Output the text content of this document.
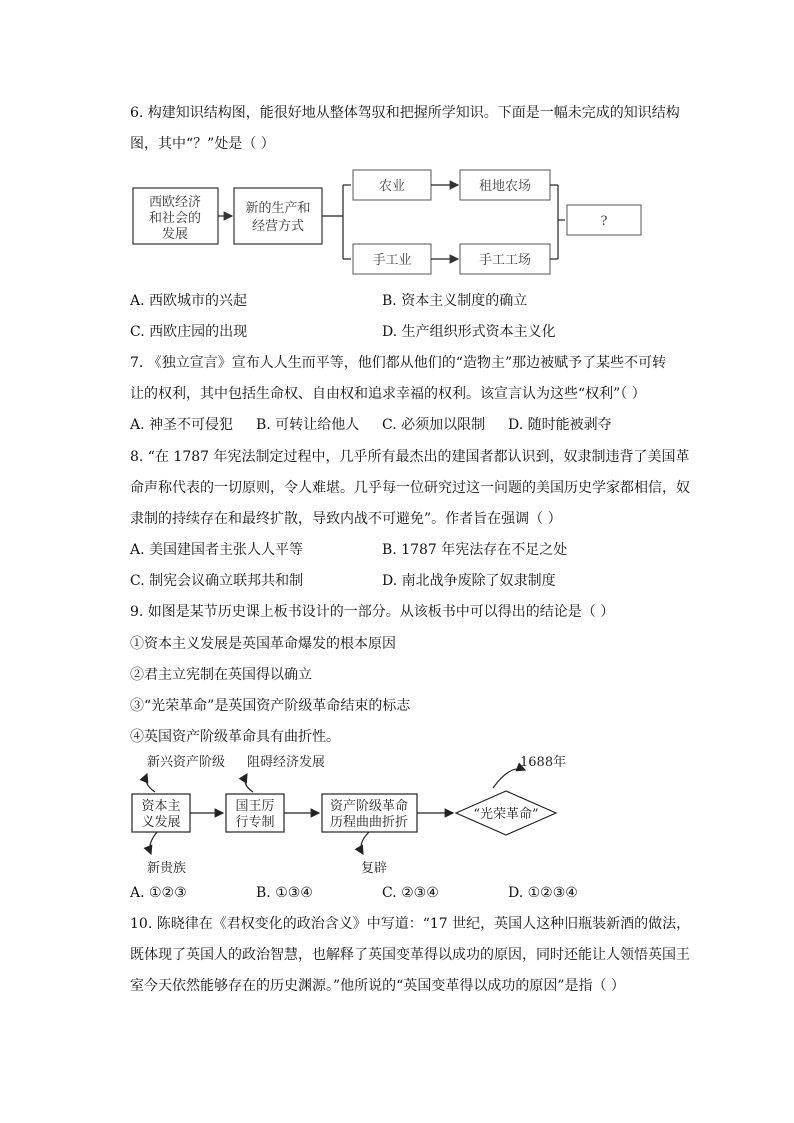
6. 构建知识结构图，能很好地从整体驾驭和把握所学知识。下面是一幅未完成的知识结构
图，其中“？”处是（ ）
西欧经济
和社会的
发展
新的生产和
经营方式
农业	租地农场
手工业	手工工场
?
A. 西欧城市的兴起	B. 资本主义制度的确立
C. 西欧庄园的出现	D. 生产组织形式资本主义化
7. 《独立宣言》宣布人人生而平等，他们都从他们的“造物主”那边被赋予了某些不可转
让的权利，其中包括生命权、自由权和追求幸福的权利。该宣言认为这些“权利”（ ）
A. 神圣不可侵犯 B. 可转让给他人 C. 必须加以限制 D. 随时能被剥夺
8. “在 1787 年宪法制定过程中，几乎所有最杰出的建国者都认识到，奴隶制违背了美国革
命声称代表的一切原则，令人难堪。几乎每一位研究过这一问题的美国历史学家都相信，奴
隶制的持续存在和最终扩散，导致内战不可避免”。作者旨在强调（ ）
A. 美国建国者主张人人平等	B. 1787 年宪法存在不足之处
C. 制宪会议确立联邦共和制	D. 南北战争废除了奴隶制度
9. 如图是某节历史课上板书设计的一部分。从该板书中可以得出的结论是（ ）
①资本主义发展是英国革命爆发的根本原因
②君主立宪制在英国得以确立
③“光荣革命”是英国资产阶级革命结束的标志
④英国资产阶级革命具有曲折性。
新兴资产阶级 阻碍经济发展	1688年
资本主
义发展
国王厉
行专制
资产阶级革命
历程曲曲折折
“光荣革命”
新贵族	复辟
A. ①②③	B. ①③④	C. ②③④	D. ①②③④
10. 陈晓律在《君权变化的政治含义》中写道：“17 世纪，英国人这种旧瓶装新酒的做法，
既体现了英国人的政治智慧，也解释了英国变革得以成功的原因，同时还能让人领悟英国王
室今天依然能够存在的历史渊源。”他所说的“英国变革得以成功的原因”是指（ ）
